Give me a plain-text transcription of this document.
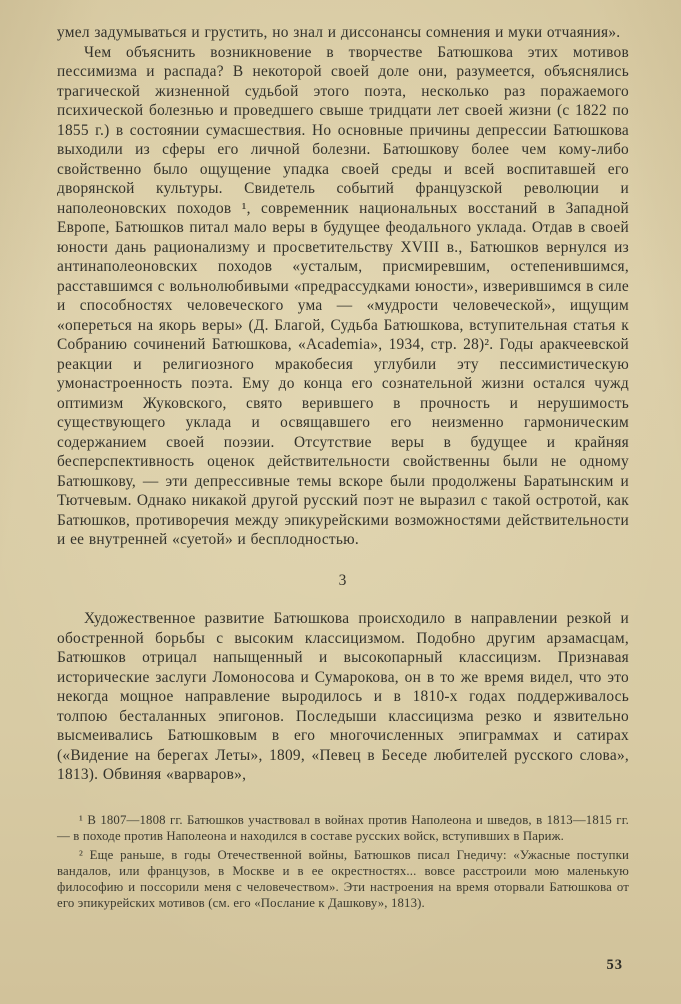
умел задумываться и грустить, но знал и диссонансы сомнения и муки отчаяния».

Чем объяснить возникновение в творчестве Батюшкова этих мотивов пессимизма и распада? В некоторой своей доле они, разумеется, объяснялись трагической жизненной судьбой этого поэта, несколько раз поражаемого психической болезнью и проведшего свыше тридцати лет своей жизни (с 1822 по 1855 г.) в состоянии сумасшествия. Но основные причины депрессии Батюшкова выходили из сферы его личной болезни. Батюшкову более чем кому-либо свойственно было ощущение упадка своей среды и всей воспитавшей его дворянской культуры. Свидетель событий французской революции и наполеоновских походов ¹, современник национальных восстаний в Западной Европе, Батюшков питал мало веры в будущее феодального уклада. Отдав в своей юности дань рационализму и просветительству XVIII в., Батюшков вернулся из антинаполеоновских походов «усталым, присмиревшим, остепенившимся, расставшимся с вольнолюбивыми «предрассудками юности», изверившимся в силе и способностях человеческого ума — «мудрости человеческой», ищущим «опереться на якорь веры» (Д. Благой, Судьба Батюшкова, вступительная статья к Собранию сочинений Батюшкова, «Academia», 1934, стр. 28)². Годы аракчеевской реакции и религиозного мракобесия углубили эту пессимистическую умонастроенность поэта. Ему до конца его сознательной жизни остался чужд оптимизм Жуковского, свято верившего в прочность и нерушимость существующего уклада и освящавшего его неизменно гармоническим содержанием своей поэзии. Отсутствие веры в будущее и крайняя бесперспективность оценок действительности свойственны были не одному Батюшкову, — эти депрессивные темы вскоре были продолжены Баратынским и Тютчевым. Однако никакой другой русский поэт не выразил с такой остротой, как Батюшков, противоречия между эпикурейскими возможностями действительности и ее внутренней «суетой» и бесплодностью.

3

Художественное развитие Батюшкова происходило в направлении резкой и обостренной борьбы с высоким классицизмом. Подобно другим арзамасцам, Батюшков отрицал напыщенный и высокопарный классицизм. Признавая исторические заслуги Ломоносова и Сумарокова, он в то же время видел, что это некогда мощное направление выродилось и в 1810-х годах поддерживалось толпою бесталанных эпигонов. Последыши классицизма резко и язвительно высмеивались Батюшковым в его многочисленных эпиграммах и сатирах («Видение на берегах Леты», 1809, «Певец в Беседе любителей русского слова», 1813). Обвиняя «варваров»,

¹ В 1807—1808 гг. Батюшков участвовал в войнах против Наполеона и шведов, в 1813—1815 гг. — в походе против Наполеона и находился в составе русских войск, вступивших в Париж.

² Еще раньше, в годы Отечественной войны, Батюшков писал Гнедичу: «Ужасные поступки вандалов, или французов, в Москве и в ее окрестностях... вовсе расстроили мою маленькую философию и поссорили меня с человечеством». Эти настроения на время оторвали Батюшкова от его эпикурейских мотивов (см. его «Послание к Дашкову», 1813).

53
